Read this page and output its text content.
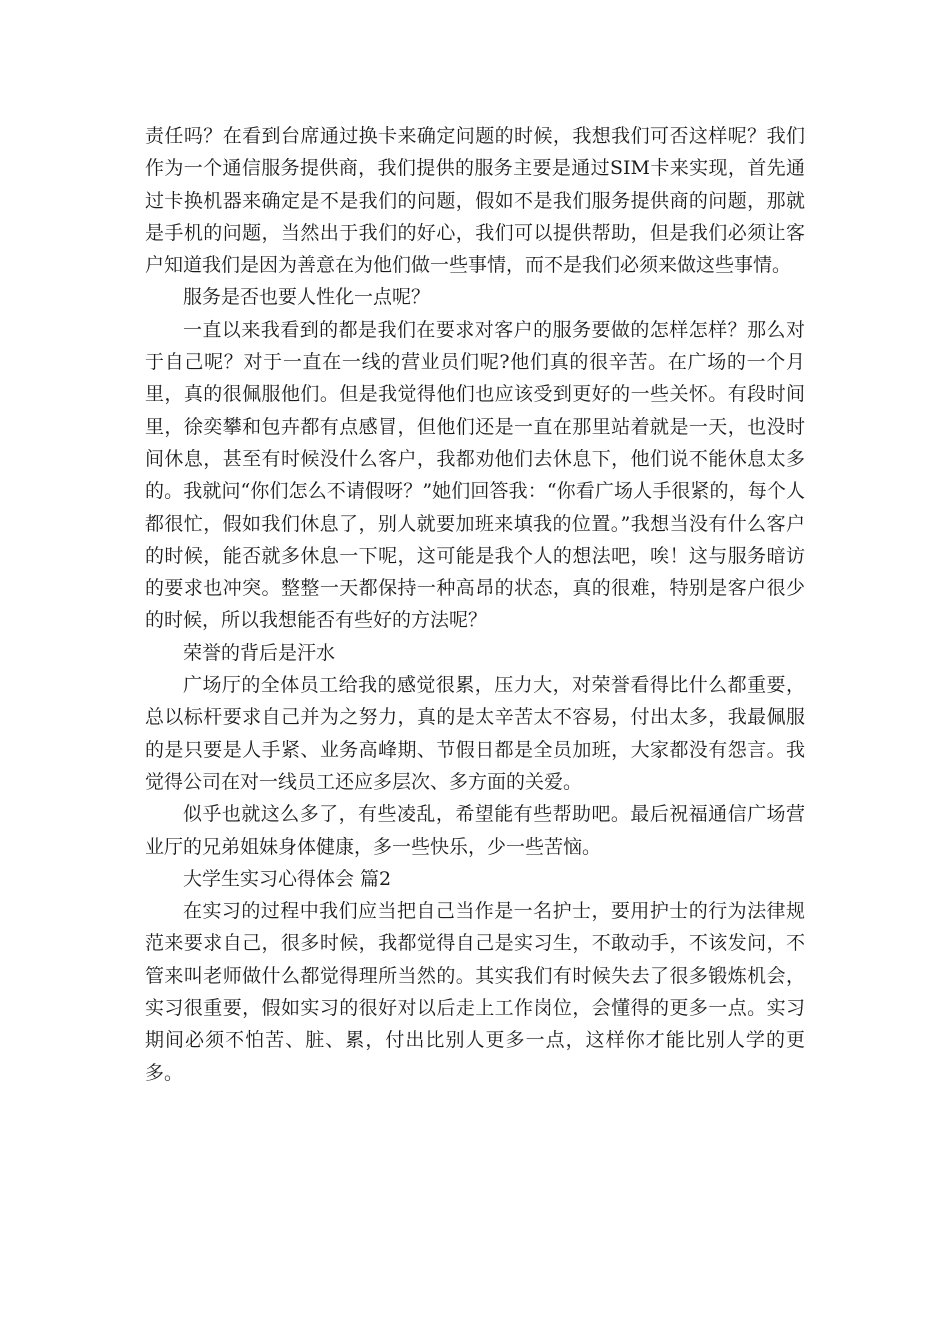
责任吗？在看到台席通过换卡来确定问题的时候，我想我们可否这样呢？我们作为一个通信服务提供商，我们提供的服务主要是通过SIM卡来实现，首先通过卡换机器来确定是不是我们的问题，假如不是我们服务提供商的问题，那就是手机的问题，当然出于我们的好心，我们可以提供帮助，但是我们必须让客户知道我们是因为善意在为他们做一些事情，而不是我们必须来做这些事情。

服务是否也要人性化一点呢？

一直以来我看到的都是我们在要求对客户的服务要做的怎样怎样？那么对于自己呢？对于一直在一线的营业员们呢?他们真的很辛苦。在广场的一个月里，真的很佩服他们。但是我觉得他们也应该受到更好的一些关怀。有段时间里，徐奕攀和包卉都有点感冒，但他们还是一直在那里站着就是一天，也没时间休息，甚至有时候没什么客户，我都劝他们去休息下，他们说不能休息太多的。我就问“你们怎么不请假呀？”她们回答我：“你看广场人手很紧的，每个人都很忙，假如我们休息了，别人就要加班来填我的位置。”我想当没有什么客户的时候，能否就多休息一下呢，这可能是我个人的想法吧，唉！这与服务暗访的要求也冲突。整整一天都保持一种高昂的状态，真的很难，特别是客户很少的时候，所以我想能否有些好的方法呢？

荣誉的背后是汗水

广场厅的全体员工给我的感觉很累，压力大，对荣誉看得比什么都重要，总以标杆要求自己并为之努力，真的是太辛苦太不容易，付出太多，我最佩服的是只要是人手紧、业务高峰期、节假日都是全员加班，大家都没有怨言。我觉得公司在对一线员工还应多层次、多方面的关爱。

似乎也就这么多了，有些凌乱，希望能有些帮助吧。最后祝福通信广场营业厅的兄弟姐妹身体健康，多一些快乐，少一些苦恼。

大学生实习心得体会 篇2

在实习的过程中我们应当把自己当作是一名护士，要用护士的行为法律规范来要求自己，很多时候，我都觉得自己是实习生，不敢动手，不该发问，不管来叫老师做什么都觉得理所当然的。其实我们有时候失去了很多锻炼机会，实习很重要，假如实习的很好对以后走上工作岗位，会懂得的更多一点。实习期间必须不怕苦、脏、累，付出比别人更多一点，这样你才能比别人学的更多。
